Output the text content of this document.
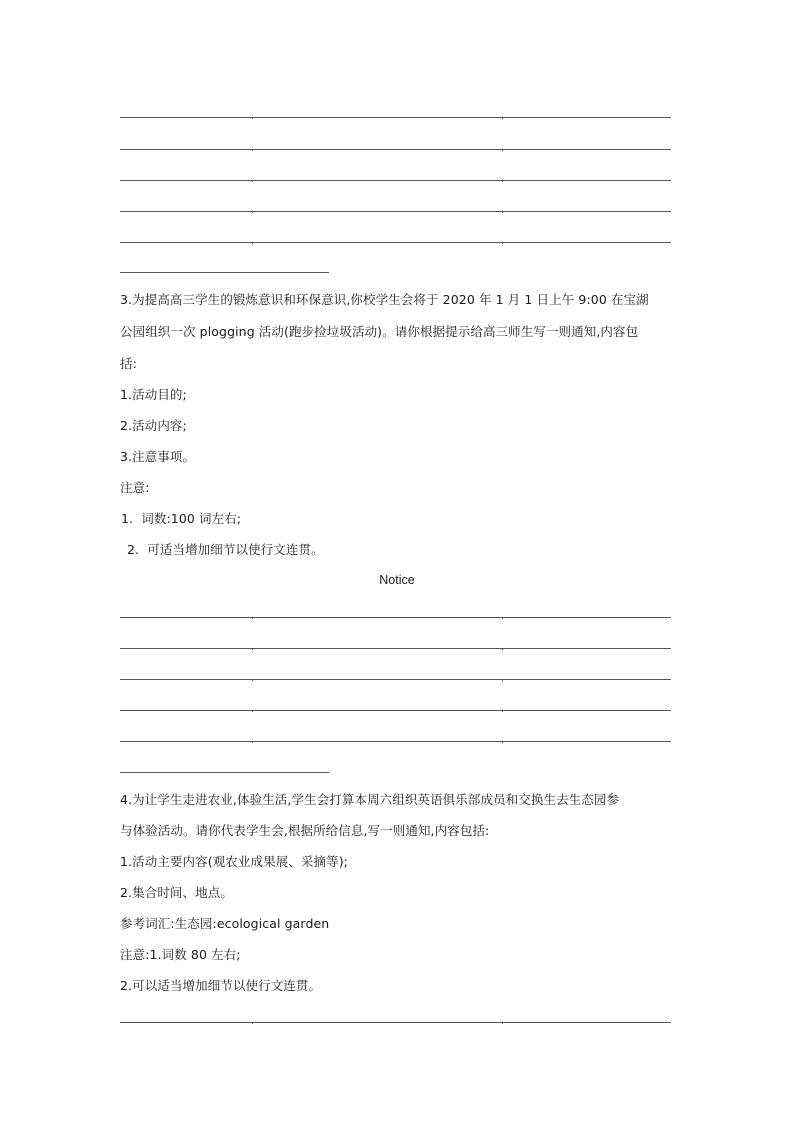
3.为提高高三学生的锻炼意识和环保意识,你校学生会将于 2020 年 1 月 1 日上午 9:00 在宝湖
公园组织一次 plogging 活动(跑步捡垃圾活动)。请你根据提示给高三师生写一则通知,内容包
括:
1.活动目的;
2.活动内容;
3.注意事项。
注意:
1.  词数:100 词左右;
2.  可适当增加细节以使行文连贯。
Notice
4.为让学生走进农业,体验生活,学生会打算本周六组织英语俱乐部成员和交换生去生态园参
与体验活动。请你代表学生会,根据所给信息,写一则通知,内容包括:
1.活动主要内容(观农业成果展、采摘等);
2.集合时间、地点。
参考词汇:生态园:ecological garden
注意:1.词数 80 左右;
2.可以适当增加细节以使行文连贯。
